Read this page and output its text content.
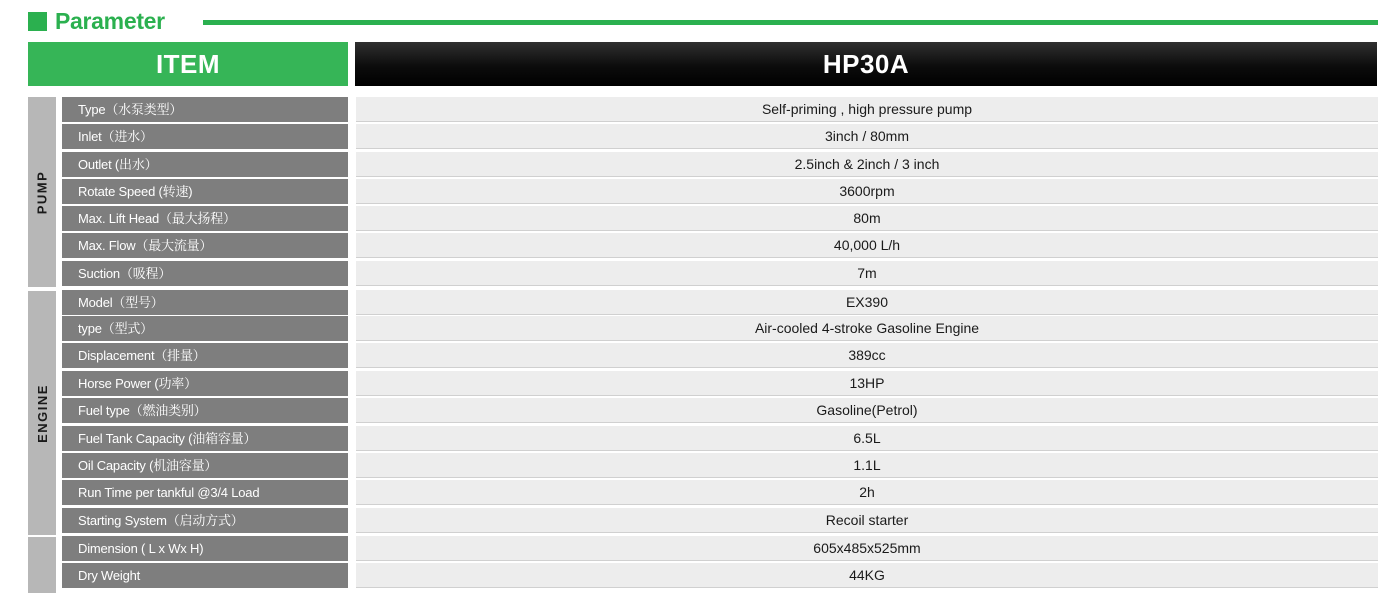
Parameter
ITEM	HP30A
PUMP
ENGINE
Type（水泵类型）	Self-priming , high pressure pump
Inlet（进水）	3inch / 80mm
Outlet (出水）	2.5inch & 2inch / 3 inch
Rotate Speed (转速)	3600rpm
Max. Lift Head（最大扬程）	80m
Max. Flow（最大流量）	40,000 L/h
Suction（吸程）	7m
Model（型号）	EX390
type（型式）	Air-cooled 4-stroke Gasoline Engine
Displacement（排量）	389cc
Horse Power (功率）	13HP
Fuel type（燃油类别）	Gasoline(Petrol)
Fuel Tank Capacity (油箱容量）	6.5L
Oil Capacity (机油容量）	1.1L
Run Time per tankful @3/4 Load	2h
Starting System（启动方式）	Recoil starter
Dimension ( L x Wx H)	605x485x525mm
Dry Weight	44KG
